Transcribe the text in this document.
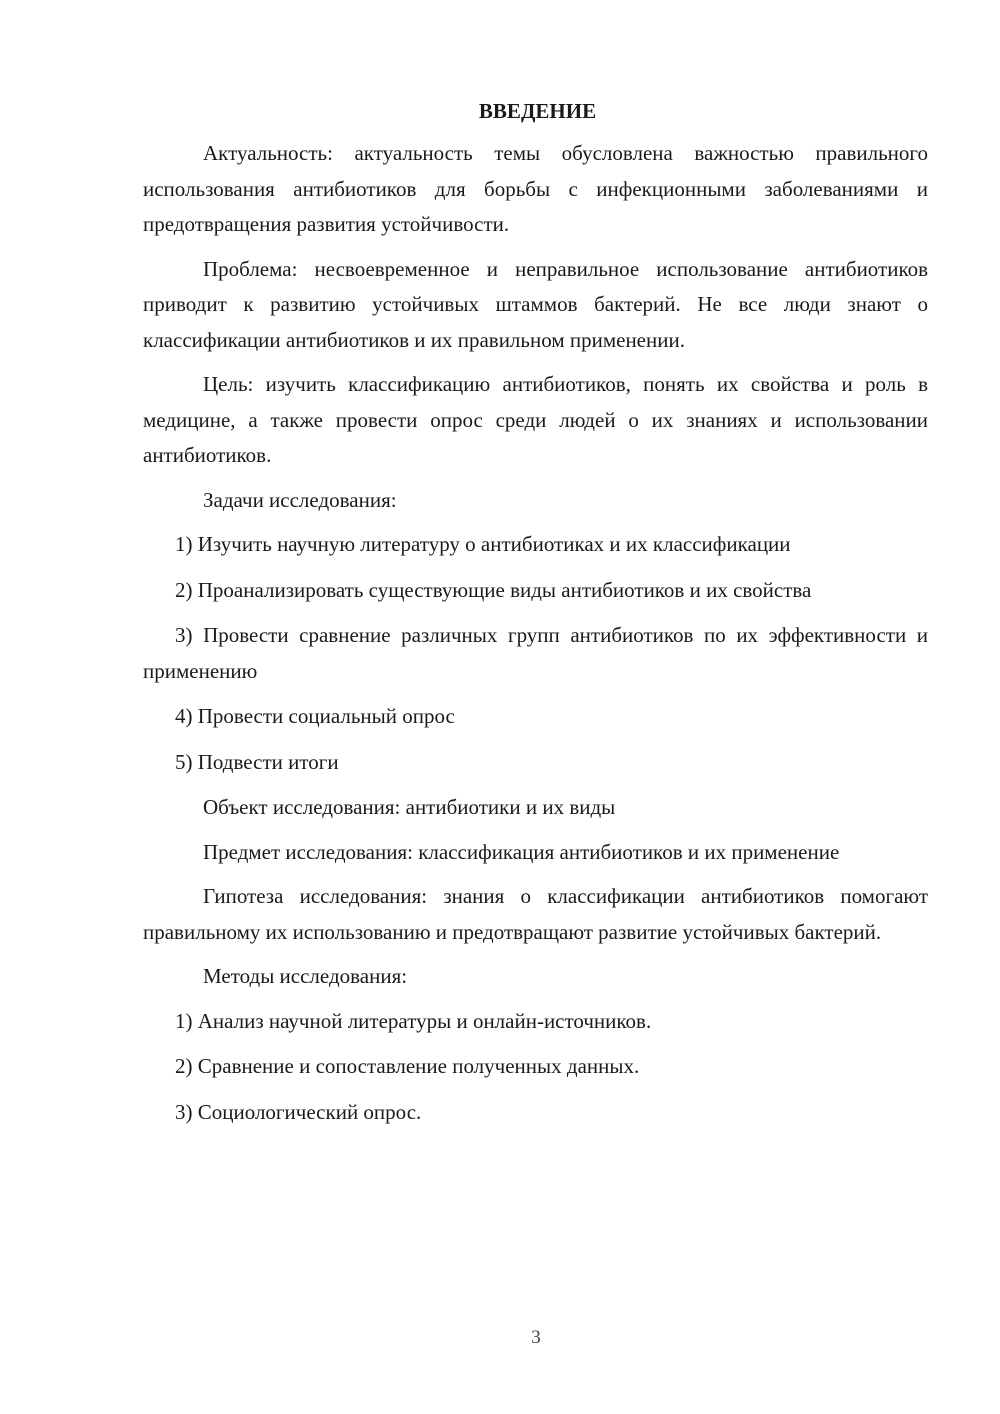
ВВЕДЕНИЕ
Актуальность: актуальность темы обусловлена важностью правильного использования антибиотиков для борьбы с инфекционными заболеваниями и предотвращения развития устойчивости.
Проблема: несвоевременное и неправильное использование антибиотиков приводит к развитию устойчивых штаммов бактерий. Не все люди знают о классификации антибиотиков и их правильном применении.
Цель: изучить классификацию антибиотиков, понять их свойства и роль в медицине, а также провести опрос среди людей о их знаниях и использовании антибиотиков.
Задачи исследования:
1) Изучить научную литературу о антибиотиках и их классификации
2) Проанализировать существующие виды антибиотиков и их свойства
3) Провести сравнение различных групп антибиотиков по их эффективности и применению
4) Провести социальный опрос
5) Подвести итоги
Объект исследования: антибиотики и их виды
Предмет исследования: классификация антибиотиков и их применение
Гипотеза исследования: знания о классификации антибиотиков помогают правильному их использованию и предотвращают развитие устойчивых бактерий.
Методы исследования:
1) Анализ научной литературы и онлайн-источников.
2) Сравнение и сопоставление полученных данных.
3) Социологический опрос.
3
